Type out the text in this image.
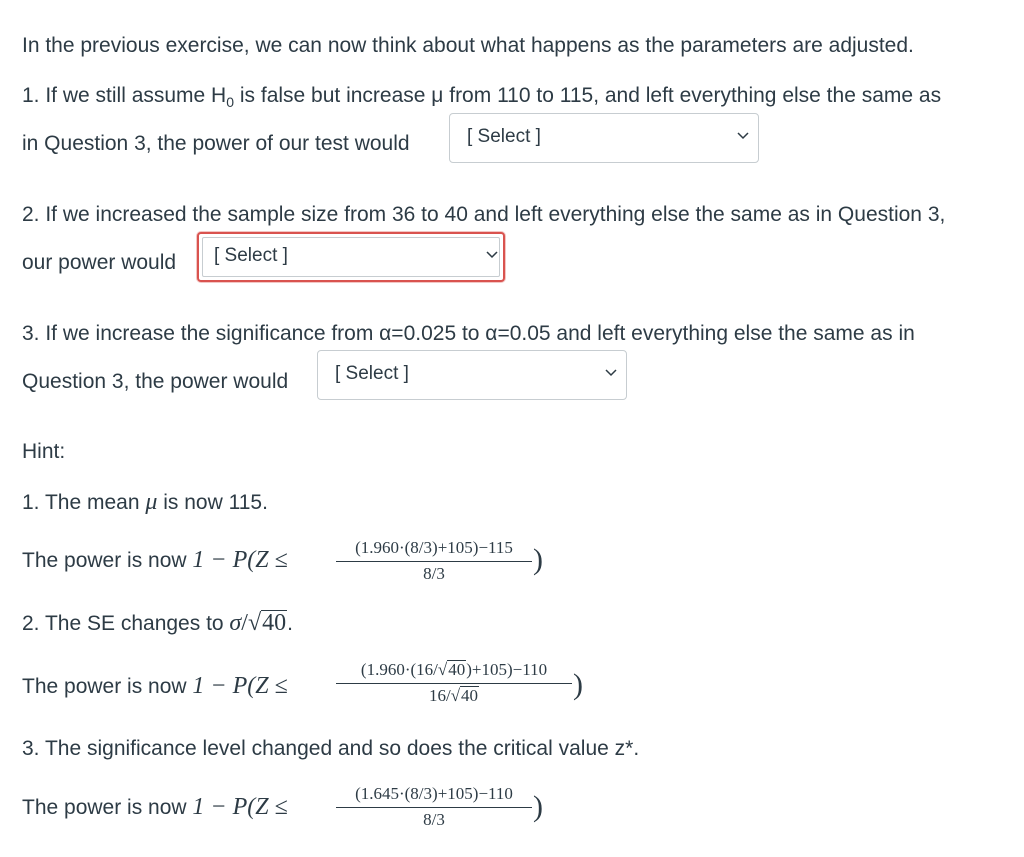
In the previous exercise, we can now think about what happens as the parameters are adjusted.
1. If we still assume $H_0$ is false but increase μ from 110 to 115, and left everything else the same as
in Question 3, the power of our test would	[ Select ]
2. If we increased the sample size from 36 to 40 and left everything else the same as in Question 3,
our power would [ Select ]
3. If we increase the significance from α=0.025 to α=0.05 and left everything else the same as in
Question 3, the power would [ Select ]
Hint:
1. The mean μ is now 115.
The power is now 1 − P(Z ≤	(1.960·(8/3)+105)−115
8/3	)
2. The SE changes to σ/√40.
The power is now 1 − P(Z ≤
(1.960·(16/√40)+105)−110
16/√40	)
3. The significance level changed and so does the critical value z*.
The power is now 1 − P(Z ≤
(1.645·(8/3)+105)−110
8/3	)
